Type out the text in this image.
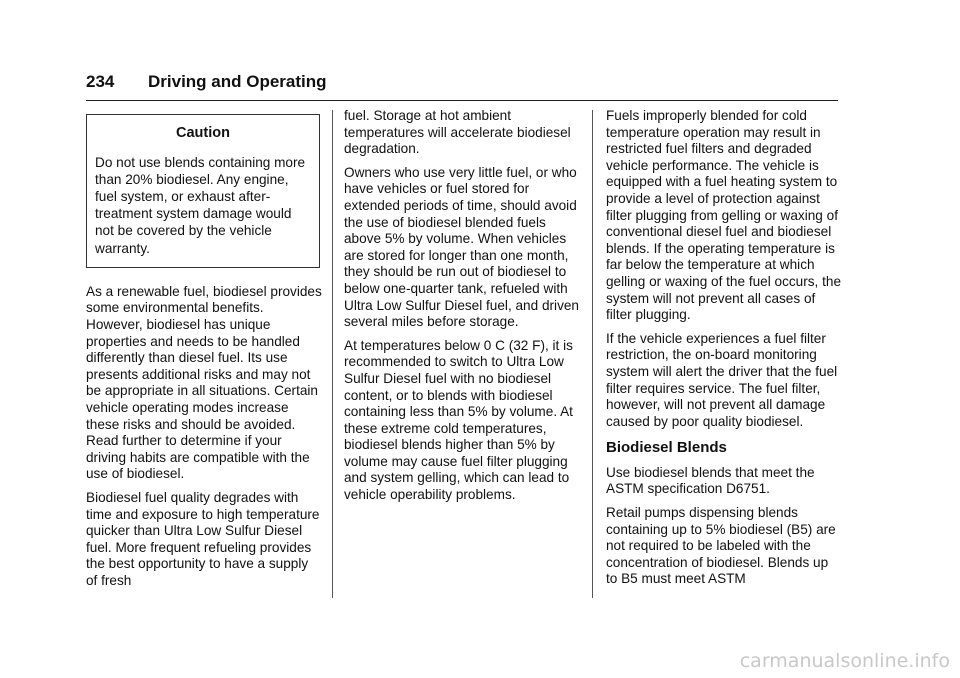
234 Driving and Operating
Caution
Do not use blends containing more than 20% biodiesel. Any engine, fuel system, or exhaust after-treatment system damage would not be covered by the vehicle warranty.

As a renewable fuel, biodiesel provides some environmental benefits. However, biodiesel has unique properties and needs to be handled differently than diesel fuel. Its use presents additional risks and may not be appropriate in all situations. Certain vehicle operating modes increase these risks and should be avoided. Read further to determine if your driving habits are compatible with the use of biodiesel.

Biodiesel fuel quality degrades with time and exposure to high temperature quicker than Ultra Low Sulfur Diesel fuel. More frequent refueling provides the best opportunity to have a supply of fresh

fuel. Storage at hot ambient temperatures will accelerate biodiesel degradation.

Owners who use very little fuel, or who have vehicles or fuel stored for extended periods of time, should avoid the use of biodiesel blended fuels above 5% by volume. When vehicles are stored for longer than one month, they should be run out of biodiesel to below one-quarter tank, refueled with Ultra Low Sulfur Diesel fuel, and driven several miles before storage.

At temperatures below 0 C (32 F), it is recommended to switch to Ultra Low Sulfur Diesel fuel with no biodiesel content, or to blends with biodiesel containing less than 5% by volume. At these extreme cold temperatures, biodiesel blends higher than 5% by volume may cause fuel filter plugging and system gelling, which can lead to vehicle operability problems.

Fuels improperly blended for cold temperature operation may result in restricted fuel filters and degraded vehicle performance. The vehicle is equipped with a fuel heating system to provide a level of protection against filter plugging from gelling or waxing of conventional diesel fuel and biodiesel blends. If the operating temperature is far below the temperature at which gelling or waxing of the fuel occurs, the system will not prevent all cases of filter plugging.

If the vehicle experiences a fuel filter restriction, the on-board monitoring system will alert the driver that the fuel filter requires service. The fuel filter, however, will not prevent all damage caused by poor quality biodiesel.

Biodiesel Blends

Use biodiesel blends that meet the ASTM specification D6751.

Retail pumps dispensing blends containing up to 5% biodiesel (B5) are not required to be labeled with the concentration of biodiesel. Blends up to B5 must meet ASTM

carmanualsonline.info
